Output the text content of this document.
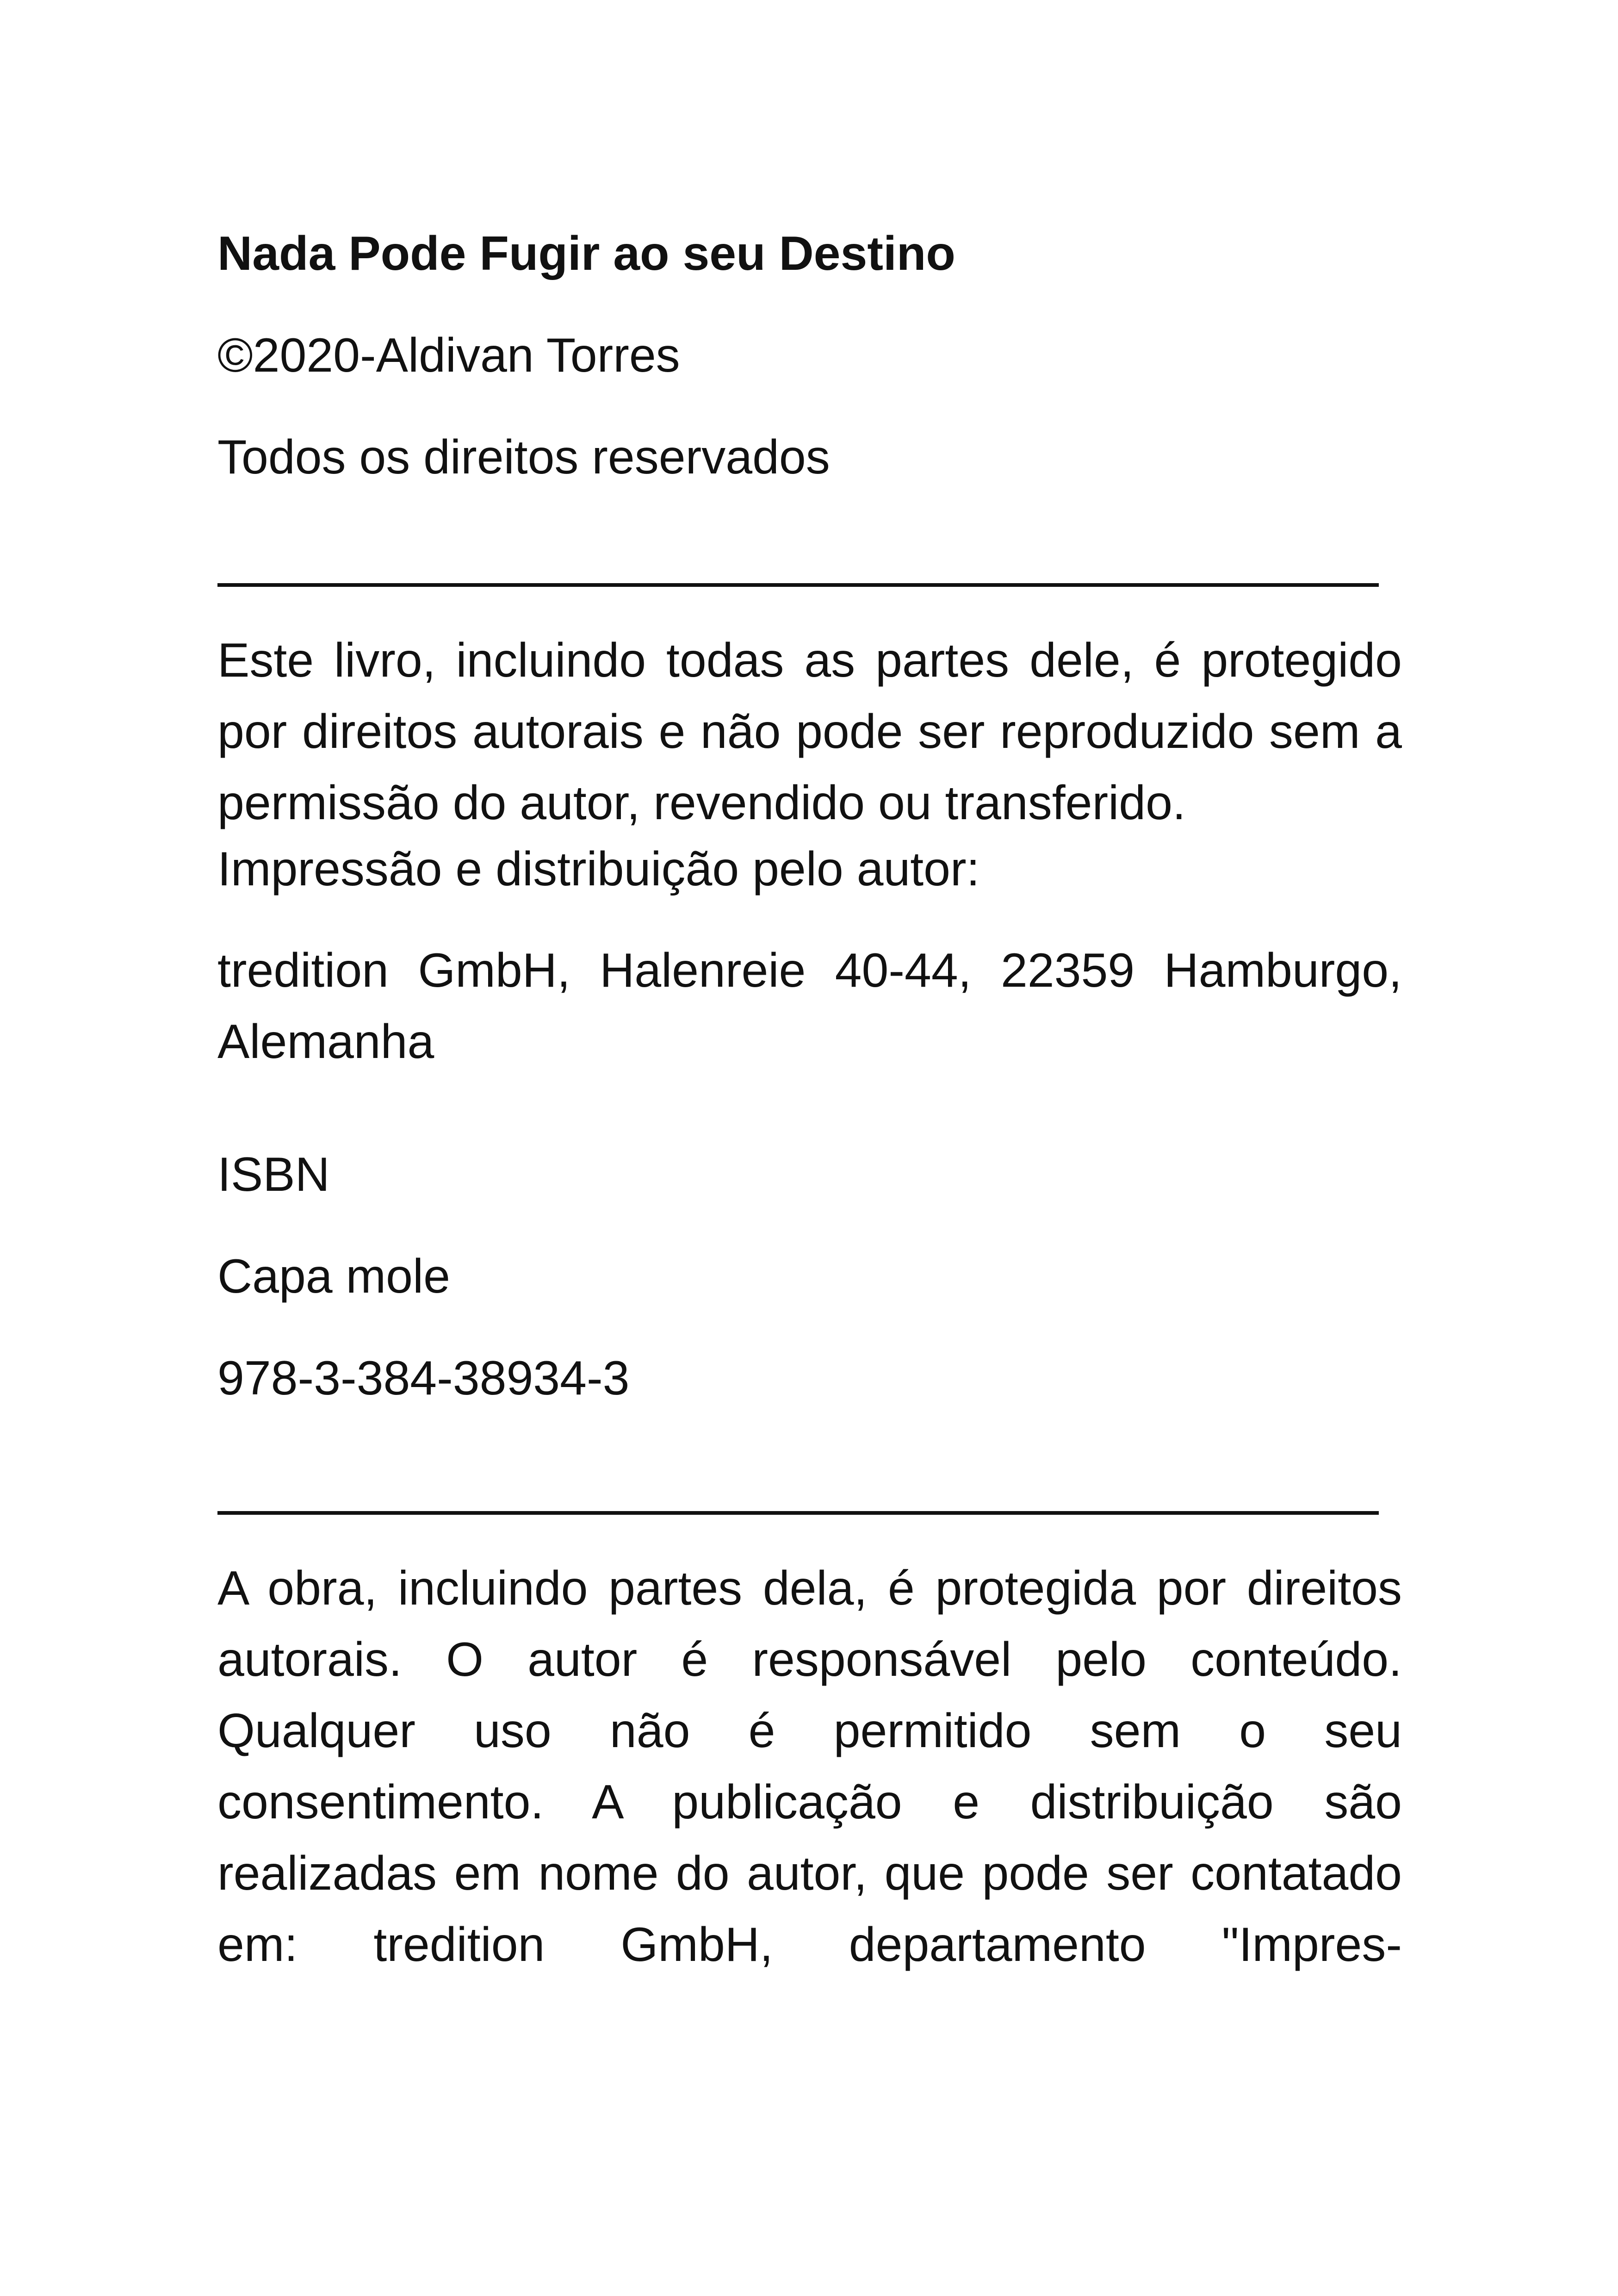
Nada Pode Fugir ao seu Destino

©2020-Aldivan Torres

Todos os direitos reservados

Este livro, incluindo todas as partes dele, é protegido por direitos autorais e não pode ser reproduzido sem a permissão do autor, revendido ou transferido.

Impressão e distribuição pelo autor:

tredition GmbH, Halenreie 40-44, 22359 Hamburgo, Alemanha

ISBN

Capa mole

978-3-384-38934-3

A obra, incluindo partes dela, é protegida por direitos autorais. O autor é responsável pelo conteúdo. Qualquer uso não é permitido sem o seu consentimento. A publicação e distribuição são realizadas em nome do autor, que pode ser contatado em: tredition GmbH, departamento "Impres-
